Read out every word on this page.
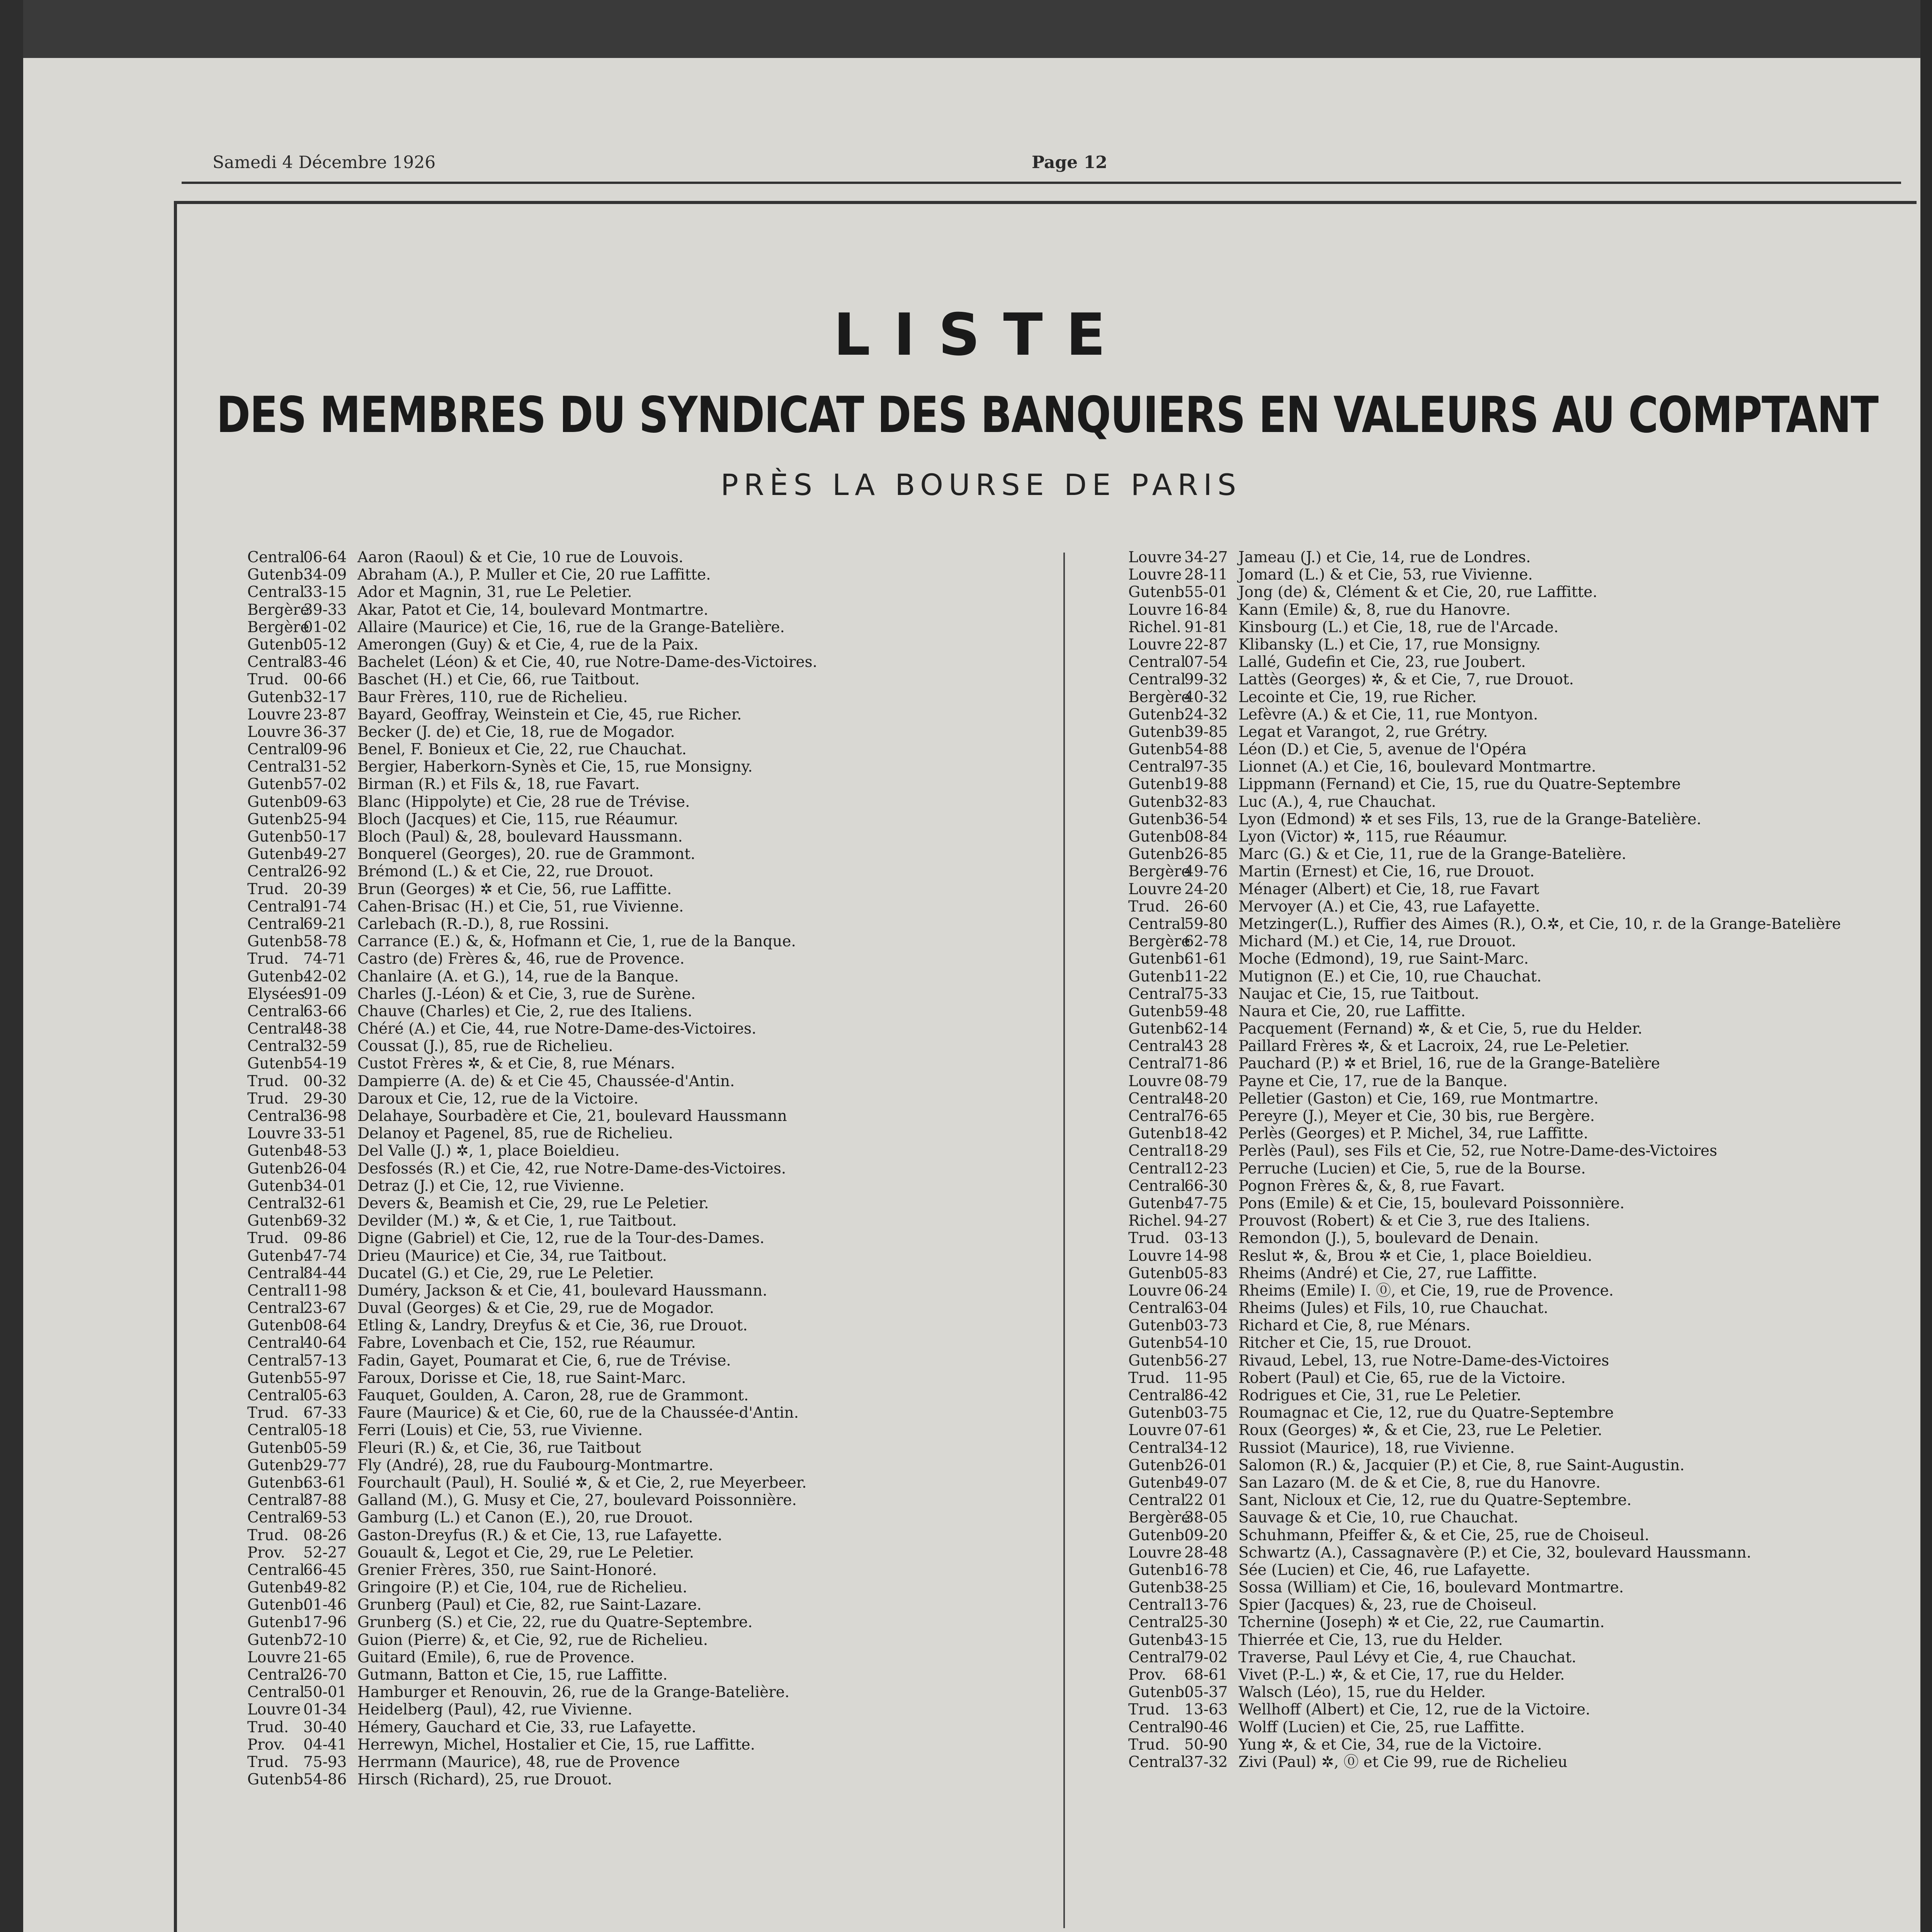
Samedi 4 Décembre 1926	Page 12
LISTE
DES MEMBRES DU SYNDICAT DES BANQUIERS EN VALEURS AU COMPTANT
PRÈS LA BOURSE DE PARIS
Central06-64 Aaron (Raoul) & et Cie, 10 rue de Louvois.
Gutenb.34-09 Abraham (A.), P. Muller et Cie, 20 rue Laffitte.
Central33-15 Ador et Magnin, 31, rue Le Peletier.
Bergère39-33 Akar, Patot et Cie, 14, boulevard Montmartre.
Bergère01-02 Allaire (Maurice) et Cie, 16, rue de la Grange-Batelière.
Gutenb.05-12 Amerongen (Guy) & et Cie, 4, rue de la Paix.
Central83-46 Bachelet (Léon) & et Cie, 40, rue Notre-Dame-des-Victoires.
Trud. 00-66 Baschet (H.) et Cie, 66, rue Taitbout.
Gutenb.32-17 Baur Frères, 110, rue de Richelieu.
Louvre 23-87 Bayard, Geoffray, Weinstein et Cie, 45, rue Richer.
Louvre 36-37 Becker (J. de) et Cie, 18, rue de Mogador.
Central09-96 Benel, F. Bonieux et Cie, 22, rue Chauchat.
Central31-52 Bergier, Haberkorn-Synès et Cie, 15, rue Monsigny.
Gutenb.57-02 Birman (R.) et Fils &, 18, rue Favart.
Gutenb.09-63 Blanc (Hippolyte) et Cie, 28 rue de Trévise.
Gutenb.25-94 Bloch (Jacques) et Cie, 115, rue Réaumur.
Gutenb.50-17 Bloch (Paul) &, 28, boulevard Haussmann.
Gutenb.49-27 Bonquerel (Georges), 20. rue de Grammont.
Central26-92 Brémond (L.) & et Cie, 22, rue Drouot.
Trud. 20-39 Brun (Georges) ✲ et Cie, 56, rue Laffitte.
Central91-74 Cahen-Brisac (H.) et Cie, 51, rue Vivienne.
Central69-21 Carlebach (R.-D.), 8, rue Rossini.
Gutenb.58-78 Carrance (E.) &, &, Hofmann et Cie, 1, rue de la Banque.
Trud. 74-71 Castro (de) Frères &, 46, rue de Provence.
Gutenb.42-02 Chanlaire (A. et G.), 14, rue de la Banque.
Elysées91-09 Charles (J.-Léon) & et Cie, 3, rue de Surène.
Central63-66 Chauve (Charles) et Cie, 2, rue des Italiens.
Central48-38 Chéré (A.) et Cie, 44, rue Notre-Dame-des-Victoires.
Central32-59 Coussat (J.), 85, rue de Richelieu.
Gutenb.54-19 Custot Frères ✲, & et Cie, 8, rue Ménars.
Trud. 00-32 Dampierre (A. de) & et Cie 45, Chaussée-d'Antin.
Trud. 29-30 Daroux et Cie, 12, rue de la Victoire.
Central36-98 Delahaye, Sourbadère et Cie, 21, boulevard Haussmann
Louvre 33-51 Delanoy et Pagenel, 85, rue de Richelieu.
Gutenb.48-53 Del Valle (J.) ✲, 1, place Boieldieu.
Gutenb.26-04 Desfossés (R.) et Cie, 42, rue Notre-Dame-des-Victoires.
Gutenb.34-01 Detraz (J.) et Cie, 12, rue Vivienne.
Central32-61 Devers &, Beamish et Cie, 29, rue Le Peletier.
Gutenb.69-32 Devilder (M.) ✲, & et Cie, 1, rue Taitbout.
Trud. 09-86 Digne (Gabriel) et Cie, 12, rue de la Tour-des-Dames.
Gutenb.47-74 Drieu (Maurice) et Cie, 34, rue Taitbout.
Central84-44 Ducatel (G.) et Cie, 29, rue Le Peletier.
Central11-98 Duméry, Jackson & et Cie, 41, boulevard Haussmann.
Central23-67 Duval (Georges) & et Cie, 29, rue de Mogador.
Gutenb.08-64 Etling &, Landry, Dreyfus & et Cie, 36, rue Drouot.
Central40-64 Fabre, Lovenbach et Cie, 152, rue Réaumur.
Central57-13 Fadin, Gayet, Poumarat et Cie, 6, rue de Trévise.
Gutenb.55-97 Faroux, Dorisse et Cie, 18, rue Saint-Marc.
Central05-63 Fauquet, Goulden, A. Caron, 28, rue de Grammont.
Trud. 67-33 Faure (Maurice) & et Cie, 60, rue de la Chaussée-d'Antin.
Central05-18 Ferri (Louis) et Cie, 53, rue Vivienne.
Gutenb.05-59 Fleuri (R.) &, et Cie, 36, rue Taitbout
Gutenb.29-77 Fly (André), 28, rue du Faubourg-Montmartre.
Gutenb.63-61 Fourchault (Paul), H. Soulié ✲, & et Cie, 2, rue Meyerbeer.
Central87-88 Galland (M.), G. Musy et Cie, 27, boulevard Poissonnière.
Central69-53 Gamburg (L.) et Canon (E.), 20, rue Drouot.
Trud. 08-26 Gaston-Dreyfus (R.) & et Cie, 13, rue Lafayette.
Prov. 52-27 Gouault &, Legot et Cie, 29, rue Le Peletier.
Central66-45 Grenier Frères, 350, rue Saint-Honoré.
Gutenb.49-82 Gringoire (P.) et Cie, 104, rue de Richelieu.
Gutenb.01-46 Grunberg (Paul) et Cie, 82, rue Saint-Lazare.
Gutenb.17-96 Grunberg (S.) et Cie, 22, rue du Quatre-Septembre.
Gutenb.72-10 Guion (Pierre) &, et Cie, 92, rue de Richelieu.
Louvre 21-65 Guitard (Emile), 6, rue de Provence.
Central26-70 Gutmann, Batton et Cie, 15, rue Laffitte.
Central50-01 Hamburger et Renouvin, 26, rue de la Grange-Batelière.
Louvre 01-34 Heidelberg (Paul), 42, rue Vivienne.
Trud. 30-40 Hémery, Gauchard et Cie, 33, rue Lafayette.
Prov. 04-41 Herrewyn, Michel, Hostalier et Cie, 15, rue Laffitte.
Trud. 75-93 Herrmann (Maurice), 48, rue de Provence
Gutenb.54-86 Hirsch (Richard), 25, rue Drouot.
Louvre 34-27 Jameau (J.) et Cie, 14, rue de Londres.
Louvre 28-11 Jomard (L.) & et Cie, 53, rue Vivienne.
Gutenb.55-01 Jong (de) &, Clément & et Cie, 20, rue Laffitte.
Louvre 16-84 Kann (Emile) &, 8, rue du Hanovre.
Richel. 91-81 Kinsbourg (L.) et Cie, 18, rue de l'Arcade.
Louvre 22-87 Klibansky (L.) et Cie, 17, rue Monsigny.
Central07-54 Lallé, Gudefin et Cie, 23, rue Joubert.
Central99-32 Lattès (Georges) ✲, & et Cie, 7, rue Drouot.
Bergère40-32 Lecointe et Cie, 19, rue Richer.
Gutenb.24-32 Lefèvre (A.) & et Cie, 11, rue Montyon.
Gutenb.39-85 Legat et Varangot, 2, rue Grétry.
Gutenb.54-88 Léon (D.) et Cie, 5, avenue de l'Opéra
Central97-35 Lionnet (A.) et Cie, 16, boulevard Montmartre.
Gutenb.19-88 Lippmann (Fernand) et Cie, 15, rue du Quatre-Septembre
Gutenb.32-83 Luc (A.), 4, rue Chauchat.
Gutenb.36-54 Lyon (Edmond) ✲ et ses Fils, 13, rue de la Grange-Batelière.
Gutenb.08-84 Lyon (Victor) ✲, 115, rue Réaumur.
Gutenb.26-85 Marc (G.) & et Cie, 11, rue de la Grange-Batelière.
Bergère49-76 Martin (Ernest) et Cie, 16, rue Drouot.
Louvre 24-20 Ménager (Albert) et Cie, 18, rue Favart
Trud. 26-60 Mervoyer (A.) et Cie, 43, rue Lafayette.
Central59-80 Metzinger(L.), Ruffier des Aimes (R.), O.✲, et Cie, 10, r. de la Grange-Batelière
Bergère62-78 Michard (M.) et Cie, 14, rue Drouot.
Gutenb.61-61 Moche (Edmond), 19, rue Saint-Marc.
Gutenb.11-22 Mutignon (E.) et Cie, 10, rue Chauchat.
Central75-33 Naujac et Cie, 15, rue Taitbout.
Gutenb.59-48 Naura et Cie, 20, rue Laffitte.
Gutenb.62-14 Pacquement (Fernand) ✲, & et Cie, 5, rue du Helder.
Central43 28 Paillard Frères ✲, & et Lacroix, 24, rue Le-Peletier.
Central71-86 Pauchard (P.) ✲ et Briel, 16, rue de la Grange-Batelière
Louvre 08-79 Payne et Cie, 17, rue de la Banque.
Central48-20 Pelletier (Gaston) et Cie, 169, rue Montmartre.
Central76-65 Pereyre (J.), Meyer et Cie, 30 bis, rue Bergère.
Gutenb.18-42 Perlès (Georges) et P. Michel, 34, rue Laffitte.
Central18-29 Perlès (Paul), ses Fils et Cie, 52, rue Notre-Dame-des-Victoires
Central12-23 Perruche (Lucien) et Cie, 5, rue de la Bourse.
Central66-30 Pognon Frères &, &, 8, rue Favart.
Gutenb.47-75 Pons (Emile) & et Cie, 15, boulevard Poissonnière.
Richel. 94-27 Prouvost (Robert) & et Cie 3, rue des Italiens.
Trud. 03-13 Remondon (J.), 5, boulevard de Denain.
Louvre 14-98 Reslut ✲, &, Brou ✲ et Cie, 1, place Boieldieu.
Gutenb.05-83 Rheims (André) et Cie, 27, rue Laffitte.
Louvre 06-24 Rheims (Emile) I. ⓪, et Cie, 19, rue de Provence.
Central63-04 Rheims (Jules) et Fils, 10, rue Chauchat.
Gutenb.03-73 Richard et Cie, 8, rue Ménars.
Gutenb.54-10 Ritcher et Cie, 15, rue Drouot.
Gutenb.56-27 Rivaud, Lebel, 13, rue Notre-Dame-des-Victoires
Trud. 11-95 Robert (Paul) et Cie, 65, rue de la Victoire.
Central86-42 Rodrigues et Cie, 31, rue Le Peletier.
Gutenb.03-75 Roumagnac et Cie, 12, rue du Quatre-Septembre
Louvre 07-61 Roux (Georges) ✲, & et Cie, 23, rue Le Peletier.
Central34-12 Russiot (Maurice), 18, rue Vivienne.
Gutenb.26-01 Salomon (R.) &, Jacquier (P.) et Cie, 8, rue Saint-Augustin.
Gutenb.49-07 San Lazaro (M. de & et Cie, 8, rue du Hanovre.
Central22 01 Sant, Nicloux et Cie, 12, rue du Quatre-Septembre.
Bergère38-05 Sauvage & et Cie, 10, rue Chauchat.
Gutenb.09-20 Schuhmann, Pfeiffer &, & et Cie, 25, rue de Choiseul.
Louvre 28-48 Schwartz (A.), Cassagnavère (P.) et Cie, 32, boulevard Haussmann.
Gutenb.16-78 Sée (Lucien) et Cie, 46, rue Lafayette.
Gutenb.38-25 Sossa (William) et Cie, 16, boulevard Montmartre.
Central13-76 Spier (Jacques) &, 23, rue de Choiseul.
Central25-30 Tchernine (Joseph) ✲ et Cie, 22, rue Caumartin.
Gutenb.43-15 Thierrée et Cie, 13, rue du Helder.
Central79-02 Traverse, Paul Lévy et Cie, 4, rue Chauchat.
Prov. 68-61 Vivet (P.-L.) ✲, & et Cie, 17, rue du Helder.
Gutenb.05-37 Walsch (Léo), 15, rue du Helder.
Trud. 13-63 Wellhoff (Albert) et Cie, 12, rue de la Victoire.
Central90-46 Wolff (Lucien) et Cie, 25, rue Laffitte.
Trud. 50-90 Yung ✲, & et Cie, 34, rue de la Victoire.
Central37-32 Zivi (Paul) ✲, ⓪ et Cie 99, rue de Richelieu
